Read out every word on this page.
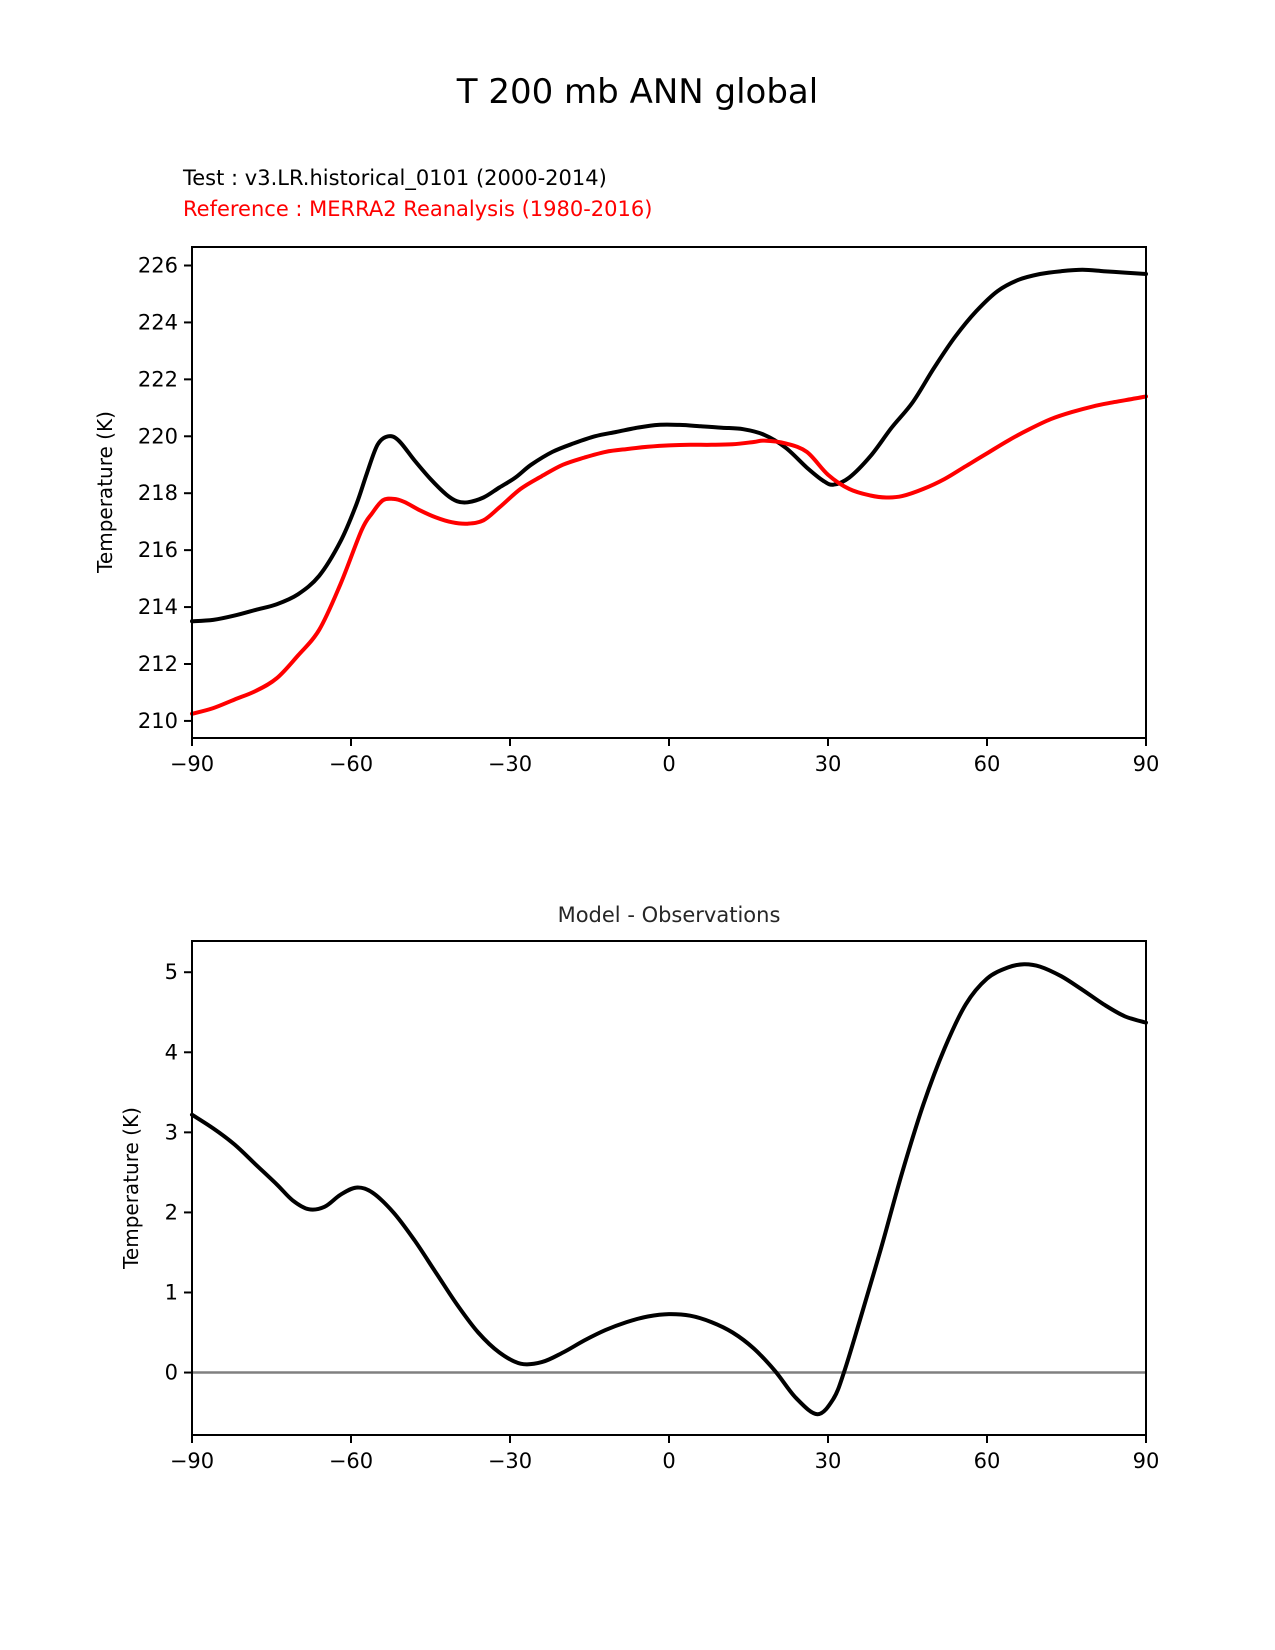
T 200 mb ANN global
Test : v3.LR.historical_0101 (2000-2014)
Reference : MERRA2 Reanalysis (1980-2016)
Temperature (K)
Temperature (K)
Model - Observations
−90	−60	−30	0	30	60	90
210
212
214
216
218
220
222
224
226
−90	−60	−30	0	30	60	90
0
1
2
3
4
5
